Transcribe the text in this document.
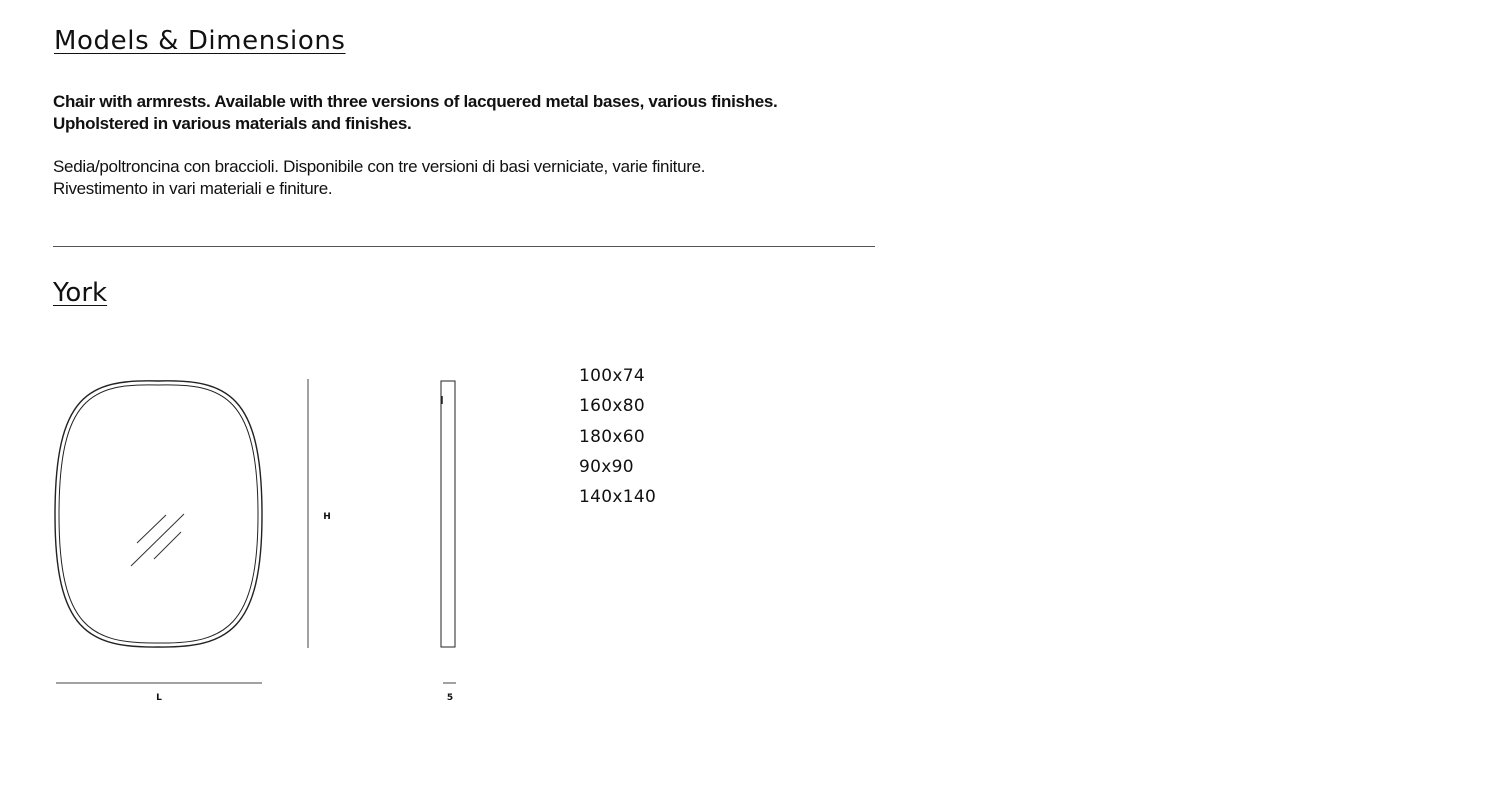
Models & Dimensions

Chair with armrests. Available with three versions of lacquered metal bases, various finishes.
Upholstered in various materials and finishes.

Sedia/poltroncina con braccioli. Disponibile con tre versioni di basi verniciate, varie finiture.
Rivestimento in vari materiali e finiture.

York
L
H
5
100x74
160x80
180x60
90x90
140x140
